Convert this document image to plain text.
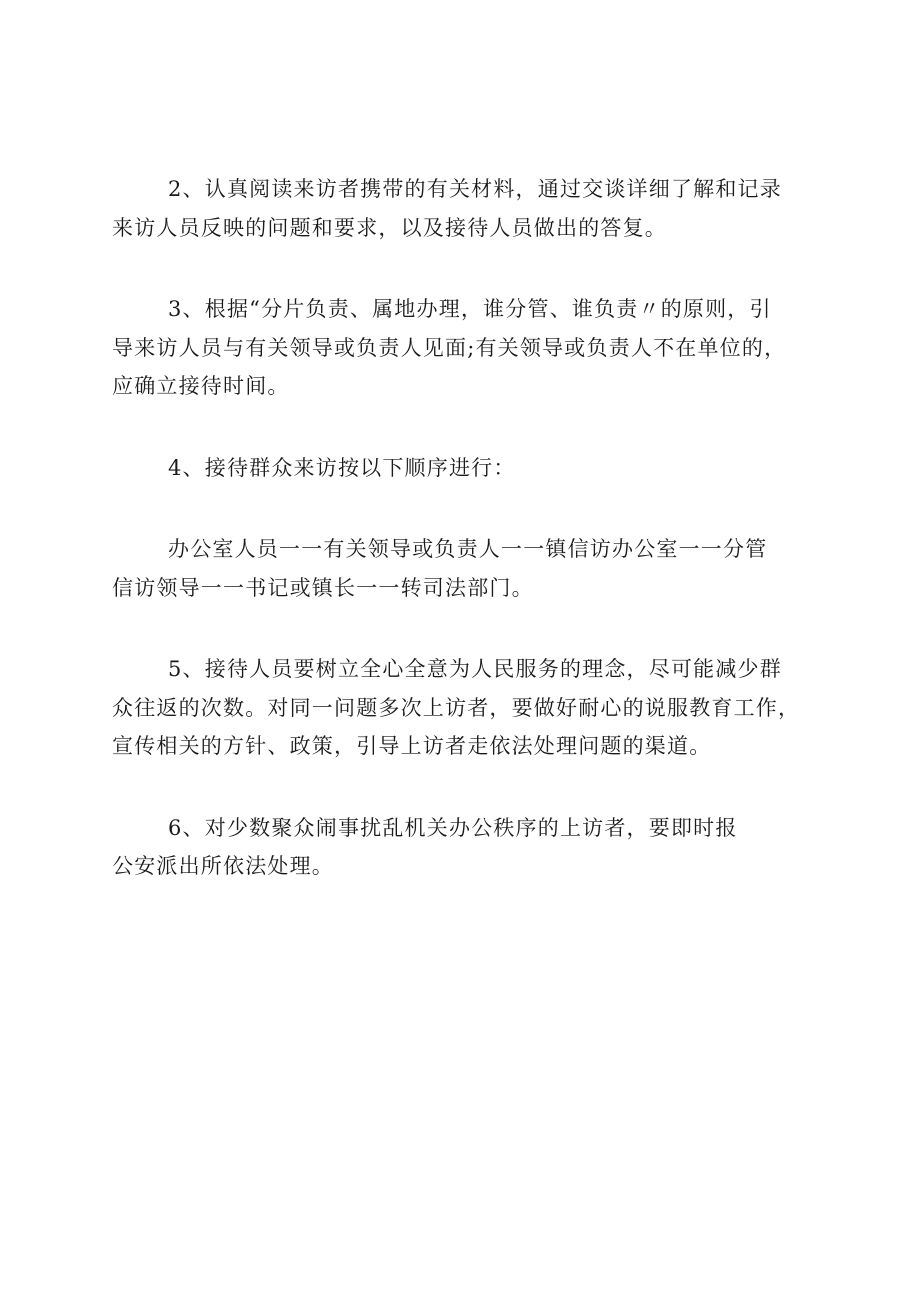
2、认真阅读来访者携带的有关材料，通过交谈详细了解和记录
来访人员反映的问题和要求，以及接待人员做出的答复。

3、根据“分片负责、属地办理，谁分管、谁负责〃的原则，引
导来访人员与有关领导或负责人见面;有关领导或负责人不在单位的，
应确立接待时间。

4、接待群众来访按以下顺序进行：

办公室人员一一有关领导或负责人一一镇信访办公室一一分管
信访领导一一书记或镇长一一转司法部门。

5、接待人员要树立全心全意为人民服务的理念，尽可能减少群
众往返的次数。对同一问题多次上访者，要做好耐心的说服教育工作，
宣传相关的方针、政策，引导上访者走依法处理问题的渠道。

6、对少数聚众闹事扰乱机关办公秩序的上访者，要即时报
公安派出所依法处理。
